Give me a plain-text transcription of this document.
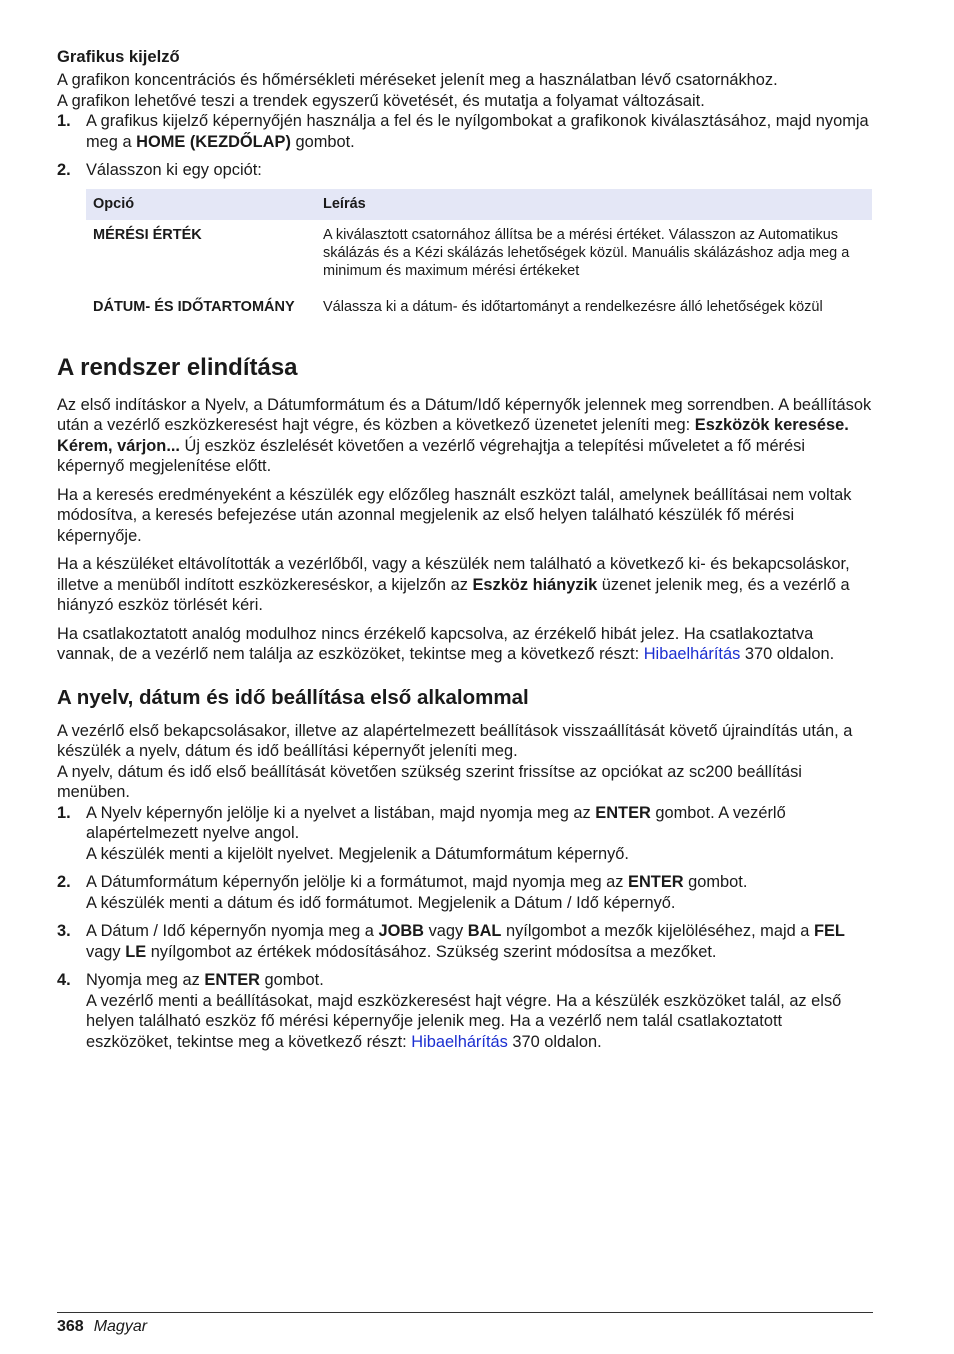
Grafikus kijelző

A grafikon koncentrációs és hőmérsékleti méréseket jelenít meg a használatban lévő csatornákhoz.

A grafikon lehetővé teszi a trendek egyszerű követését, és mutatja a folyamat változásait.

1. A grafikus kijelző képernyőjén használja a fel és le nyílgombokat a grafikonok kiválasztásához, majd nyomja meg a HOME (KEZDŐLAP) gombot.
2. Válasszon ki egy opciót:
Opció	Leírás
MÉRÉSI ÉRTÉK	A kiválasztott csatornához állítsa be a mérési értéket. Válasszon az Automatikus skálázás és a Kézi skálázás lehetőségek közül. Manuális skálázáshoz adja meg a minimum és maximum mérési értékeket
DÁTUM- ÉS IDŐTARTOMÁNY	Válassza ki a dátum- és időtartományt a rendelkezésre álló lehetőségek közül
A rendszer elindítása

Az első indításkor a Nyelv, a Dátumformátum és a Dátum/Idő képernyők jelennek meg sorrendben. A beállítások után a vezérlő eszközkeresést hajt végre, és közben a következő üzenetet jeleníti meg: Eszközök keresése. Kérem, várjon... Új eszköz észlelését követően a vezérlő végrehajtja a telepítési műveletet a fő mérési képernyő megjelenítése előtt.

Ha a keresés eredményeként a készülék egy előzőleg használt eszközt talál, amelynek beállításai nem voltak módosítva, a keresés befejezése után azonnal megjelenik az első helyen található készülék fő mérési képernyője.

Ha a készüléket eltávolították a vezérlőből, vagy a készülék nem található a következő ki- és bekapcsoláskor, illetve a menüből indított eszközkereséskor, a kijelzőn az Eszköz hiányzik üzenet jelenik meg, és a vezérlő a hiányzó eszköz törlését kéri.

Ha csatlakoztatott analóg modulhoz nincs érzékelő kapcsolva, az érzékelő hibát jelez. Ha csatlakoztatva vannak, de a vezérlő nem találja az eszközöket, tekintse meg a következő részt: Hibaelhárítás 370 oldalon.

A nyelv, dátum és idő beállítása első alkalommal

A vezérlő első bekapcsolásakor, illetve az alapértelmezett beállítások visszaállítását követő újraindítás után, a készülék a nyelv, dátum és idő beállítási képernyőt jeleníti meg.

A nyelv, dátum és idő első beállítását követően szükség szerint frissítse az opciókat az sc200 beállítási menüben.

1. A Nyelv képernyőn jelölje ki a nyelvet a listában, majd nyomja meg az ENTER gombot. A vezérlő alapértelmezett nyelve angol.
A készülék menti a kijelölt nyelvet. Megjelenik a Dátumformátum képernyő.
2. A Dátumformátum képernyőn jelölje ki a formátumot, majd nyomja meg az ENTER gombot.
A készülék menti a dátum és idő formátumot. Megjelenik a Dátum / Idő képernyő.
3. A Dátum / Idő képernyőn nyomja meg a JOBB vagy BAL nyílgombot a mezők kijelöléséhez, majd a FEL vagy LE nyílgombot az értékek módosításához. Szükség szerint módosítsa a mezőket.
4. Nyomja meg az ENTER gombot.
A vezérlő menti a beállításokat, majd eszközkeresést hajt végre. Ha a készülék eszközöket talál, az első helyen található eszköz fő mérési képernyője jelenik meg. Ha a vezérlő nem talál csatlakoztatott eszközöket, tekintse meg a következő részt: Hibaelhárítás 370 oldalon.
368 Magyar
